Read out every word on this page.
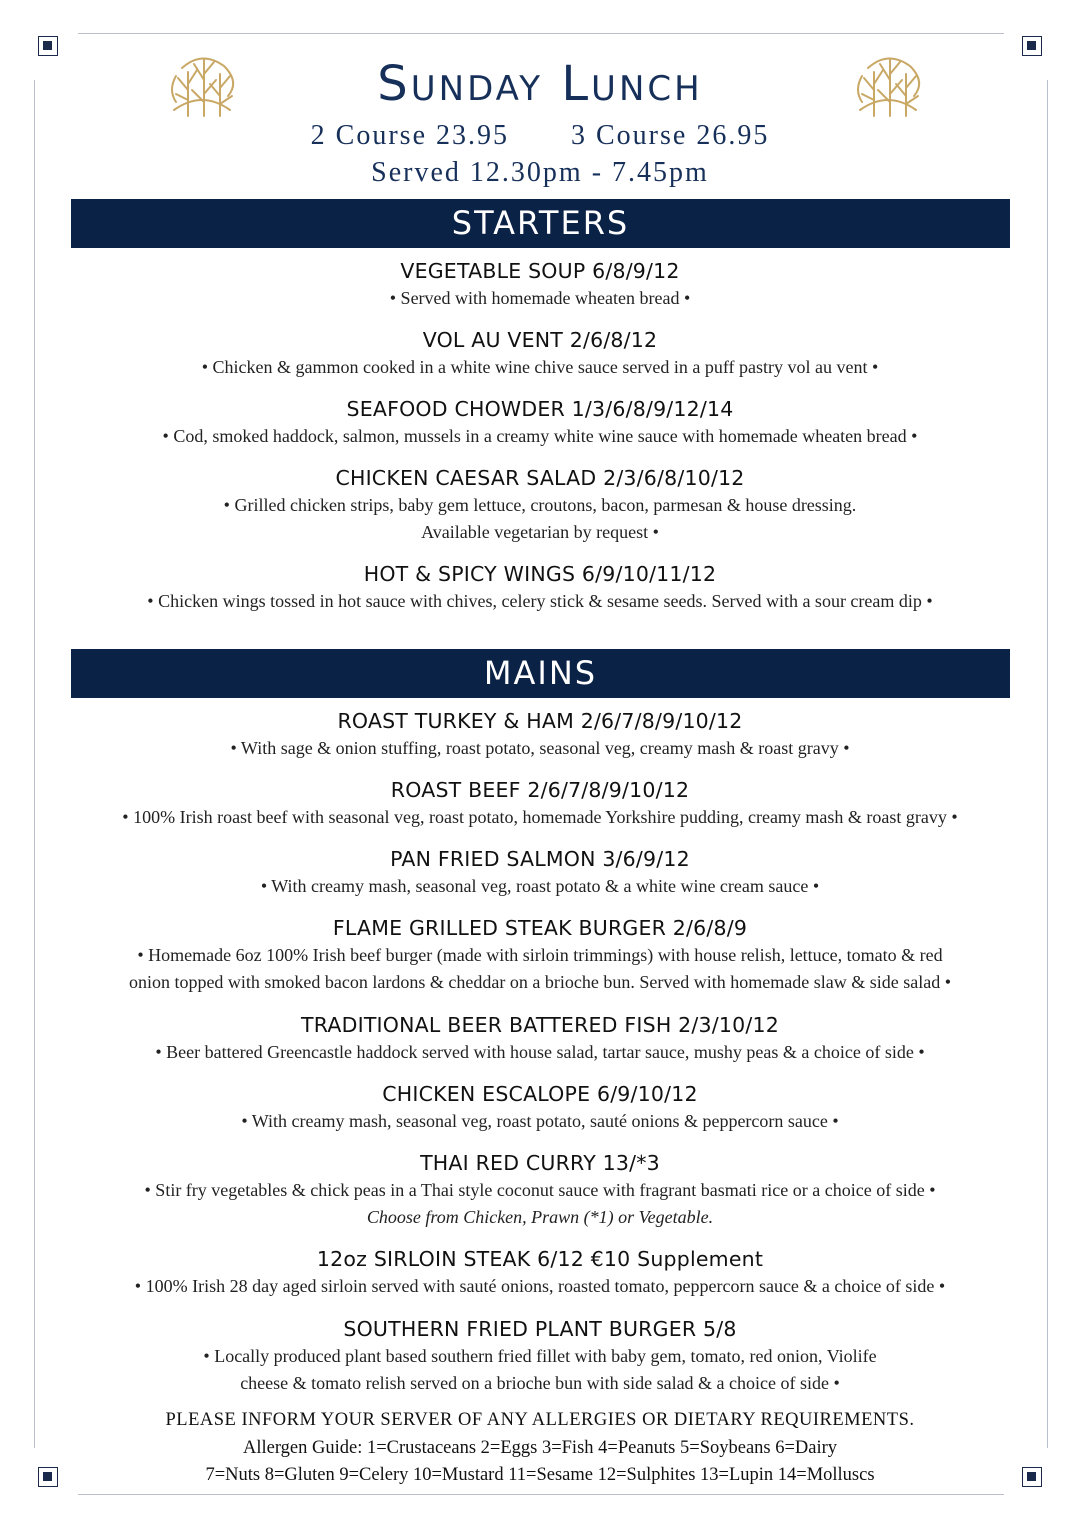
Sunday Lunch
2 Course 23.95 3 Course 26.95
Served 12.30pm - 7.45pm
STARTERS
VEGETABLE SOUP 6/8/9/12
• Served with homemade wheaten bread •
VOL AU VENT 2/6/8/12
• Chicken & gammon cooked in a white wine chive sauce served in a puff pastry vol au vent •
SEAFOOD CHOWDER 1/3/6/8/9/12/14
• Cod, smoked haddock, salmon, mussels in a creamy white wine sauce with homemade wheaten bread •
CHICKEN CAESAR SALAD 2/3/6/8/10/12
• Grilled chicken strips, baby gem lettuce, croutons, bacon, parmesan & house dressing.
Available vegetarian by request •
HOT & SPICY WINGS 6/9/10/11/12
• Chicken wings tossed in hot sauce with chives, celery stick & sesame seeds. Served with a sour cream dip •
MAINS
ROAST TURKEY & HAM 2/6/7/8/9/10/12
• With sage & onion stuffing, roast potato, seasonal veg, creamy mash & roast gravy •
ROAST BEEF 2/6/7/8/9/10/12
• 100% Irish roast beef with seasonal veg, roast potato, homemade Yorkshire pudding, creamy mash & roast gravy •
PAN FRIED SALMON 3/6/9/12
• With creamy mash, seasonal veg, roast potato & a white wine cream sauce •
FLAME GRILLED STEAK BURGER 2/6/8/9
• Homemade 6oz 100% Irish beef burger (made with sirloin trimmings) with house relish, lettuce, tomato & red
onion topped with smoked bacon lardons & cheddar on a brioche bun. Served with homemade slaw & side salad •
TRADITIONAL BEER BATTERED FISH 2/3/10/12
• Beer battered Greencastle haddock served with house salad, tartar sauce, mushy peas & a choice of side •
CHICKEN ESCALOPE 6/9/10/12
• With creamy mash, seasonal veg, roast potato, sauté onions & peppercorn sauce •
THAI RED CURRY 13/*3
• Stir fry vegetables & chick peas in a Thai style coconut sauce with fragrant basmati rice or a choice of side •
Choose from Chicken, Prawn (*1) or Vegetable.
12oz SIRLOIN STEAK 6/12 €10 Supplement
• 100% Irish 28 day aged sirloin served with sauté onions, roasted tomato, peppercorn sauce & a choice of side •
SOUTHERN FRIED PLANT BURGER 5/8
• Locally produced plant based southern fried fillet with baby gem, tomato, red onion, Violife
cheese & tomato relish served on a brioche bun with side salad & a choice of side •
PLEASE INFORM YOUR SERVER OF ANY ALLERGIES OR DIETARY REQUIREMENTS.
Allergen Guide: 1=Crustaceans 2=Eggs 3=Fish 4=Peanuts 5=Soybeans 6=Dairy
7=Nuts 8=Gluten 9=Celery 10=Mustard 11=Sesame 12=Sulphites 13=Lupin 14=Molluscs
